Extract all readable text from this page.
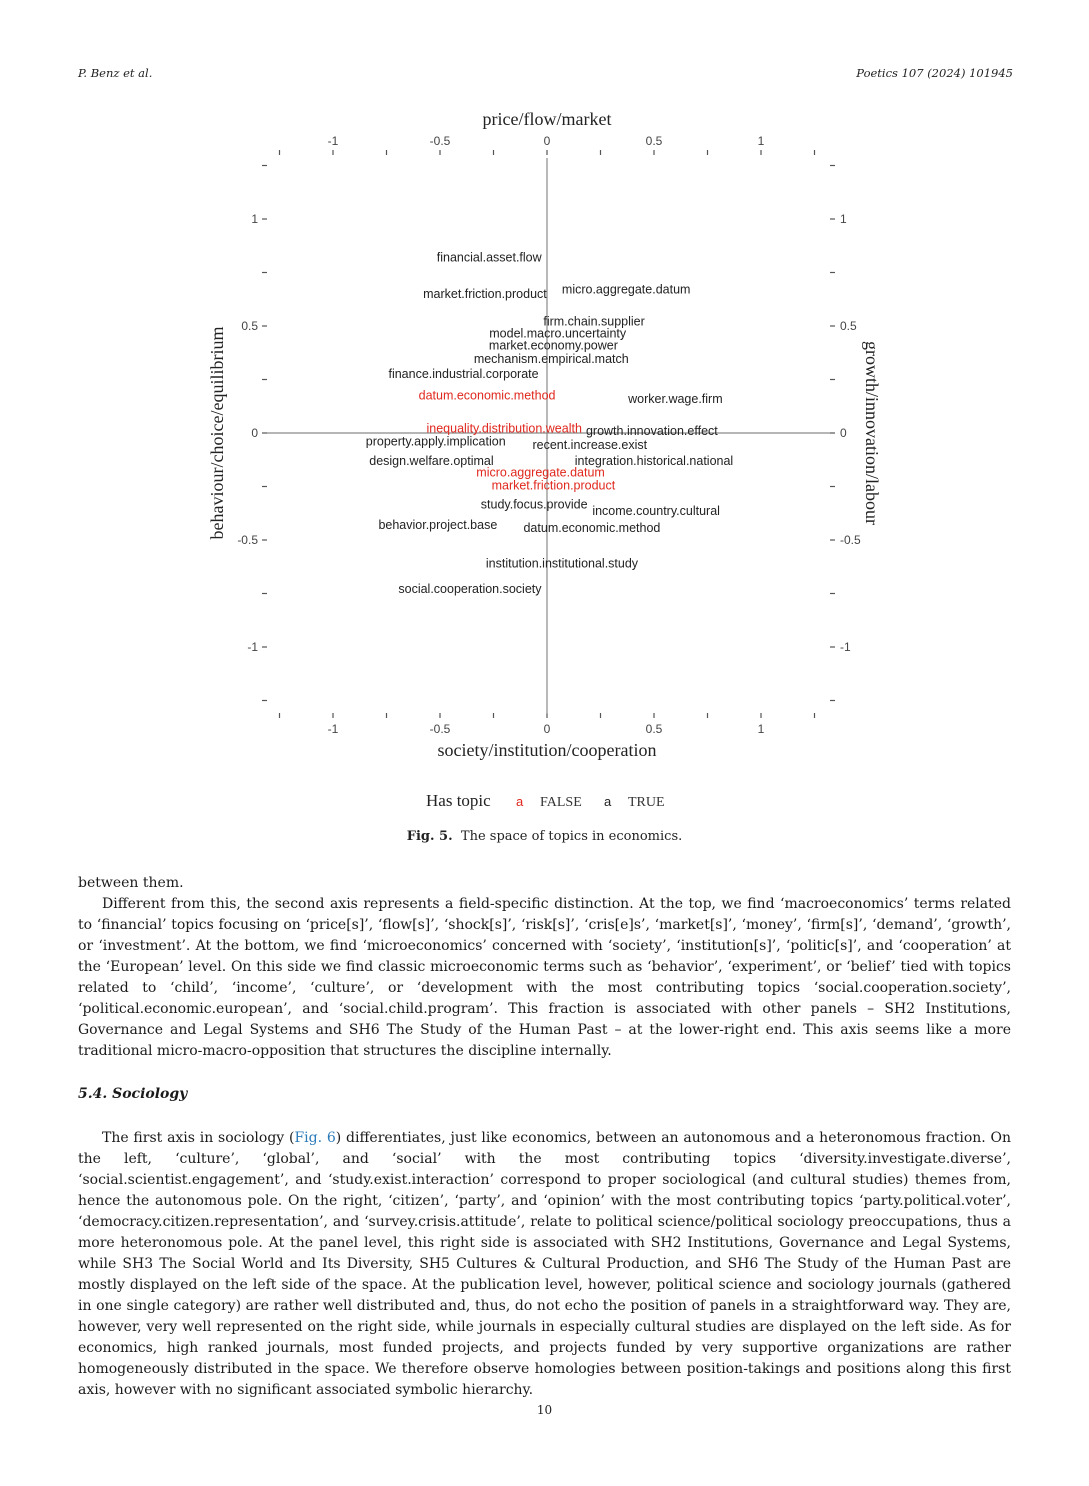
P. Benz et al.	Poetics 107 (2024) 101945
price/flow/market
society/institution/cooperation
behaviour/choice/equilibrium	growth/innovation/labour
-1
-1
-0.5
-0.5
0
0
0.5
0.5
1
1
1	1
0.5	0.5
0	0
-0.5	-0.5
-1	-1
financial.asset.flow
market.friction.product micro.aggregate.datum
firm.chain.supplier
model.macro.uncertainty
market.economy.power
mechanism.empirical.match
finance.industrial.corporate
datum.economic.method	worker.wage.firm
inequality.distribution.wealth growth.innovation.effect
property.apply.implication recent.increase.exist
design.welfare.optimal	integration.historical.national
micro.aggregate.datum
market.friction.product
study.focus.provide income.country.cultural
behavior.project.base datum.economic.method
institution.institutional.study
social.cooperation.society
Has topic a FALSE a TRUE
Fig. 5. The space of topics in economics.

between them.

Different from this, the second axis represents a field-specific distinction. At the top, we find ‘macroeconomics’ terms related to ‘financial’ topics focusing on ‘price[s]’, ‘flow[s]’, ‘shock[s]’, ‘risk[s]’, ‘cris[e]s’, ‘market[s]’, ‘money’, ‘firm[s]’, ‘demand’, ‘growth’, or ‘investment’. At the bottom, we find ‘microeconomics’ concerned with ‘society’, ‘institution[s]’, ‘politic[s]’, and ‘cooperation’ at the ‘European’ level. On this side we find classic microeconomic terms such as ‘behavior’, ‘experiment’, or ‘belief’ tied with topics related to ‘child’, ‘income’, ‘culture’, or ‘development with the most contributing topics ‘social.cooperation.society’, ‘political.economic.european’, and ‘social.child.program’. This fraction is associated with other panels – SH2 Institutions, Governance and Legal Systems and SH6 The Study of the Human Past – at the lower-right end. This axis seems like a more traditional micro-macro-opposition that structures the discipline internally.

5.4. Sociology

The first axis in sociology (Fig. 6) differentiates, just like economics, between an autonomous and a heteronomous fraction. On the left, ‘culture’, ‘global’, and ‘social’ with the most contributing topics ‘diversity.investigate.diverse’, ‘social.scientist.engagement’, and ‘study.exist.interaction’ correspond to proper sociological (and cultural studies) themes from, hence the autonomous pole. On the right, ‘citizen’, ‘party’, and ‘opinion’ with the most contributing topics ‘party.political.voter’, ‘democracy.citizen.representation’, and ‘survey.crisis.attitude’, relate to political science/political sociology preoccupations, thus a more heteronomous pole. At the panel level, this right side is associated with SH2 Institutions, Governance and Legal Systems, while SH3 The Social World and Its Diversity, SH5 Cultures & Cultural Production, and SH6 The Study of the Human Past are mostly displayed on the left side of the space. At the publication level, however, political science and sociology journals (gathered in one single category) are rather well distributed and, thus, do not echo the position of panels in a straightforward way. They are, however, very well represented on the right side, while journals in especially cultural studies are displayed on the left side. As for economics, high ranked journals, most funded projects, and projects funded by very supportive organizations are rather homogeneously distributed in the space. We therefore observe homologies between position-takings and positions along this first axis, however with no significant associated symbolic hierarchy.

10
